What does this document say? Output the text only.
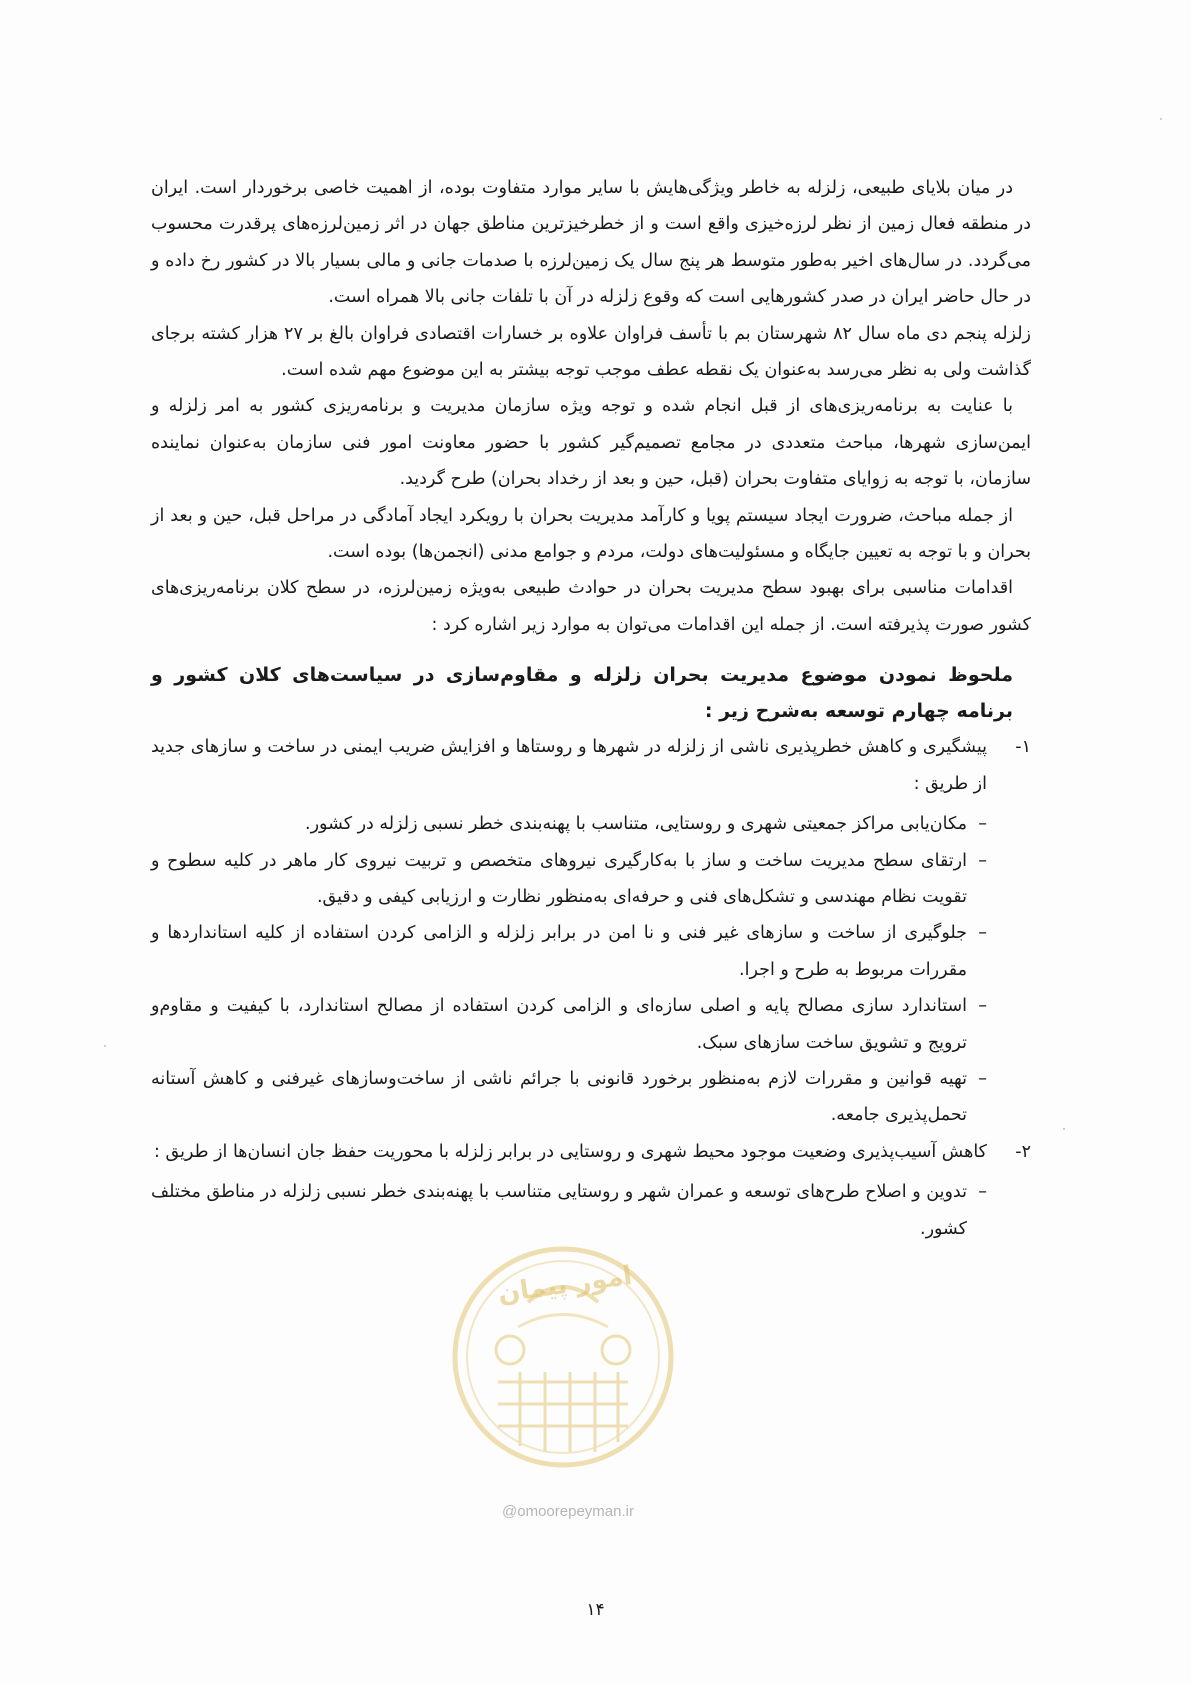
امور پیمان
@omoorepeyman.ir

در میان بلایای طبیعی، زلزله به خاطر ویژگی‌هایش با سایر موارد متفاوت بوده، از اهمیت خاصی برخوردار است. ایران در منطقه فعال زمین از نظر لرزه‌خیزی واقع است و از خطرخیزترین مناطق جهان در اثر زمین‌لرزه‌های پرقدرت محسوب می‌گردد. در سال‌های اخیر به‌طور متوسط هر پنج سال یک زمین‌لرزه با صدمات جانی و مالی بسیار بالا در کشور رخ داده و در حال حاضر ایران در صدر کشورهایی است که وقوع زلزله در آن با تلفات جانی بالا همراه است.

زلزله پنجم دی ماه سال ۸۲ شهرستان بم با تأسف فراوان علاوه بر خسارات اقتصادی فراوان بالغ بر ۲۷ هزار کشته برجای گذاشت ولی به نظر می‌رسد به‌عنوان یک نقطه عطف موجب توجه بیشتر به این موضوع مهم شده است.

با عنایت به برنامه‌ریزی‌های از قبل انجام شده و توجه ویژه سازمان مدیریت و برنامه‌ریزی کشور به امر زلزله و ایمن‌سازی شهرها، مباحث متعددی در مجامع تصمیم‌گیر کشور با حضور معاونت امور فنی سازمان به‌عنوان نماینده سازمان، با توجه به زوایای متفاوت بحران (قبل، حین و بعد از رخداد بحران) طرح گردید.

از جمله مباحث، ضرورت ایجاد سیستم پویا و کارآمد مدیریت بحران با رویکرد ایجاد آمادگی در مراحل قبل، حین و بعد از بحران و با توجه به تعیین جایگاه و مسئولیت‌های دولت، مردم و جوامع مدنی (انجمن‌ها) بوده است.

اقدامات مناسبی برای بهبود سطح مدیریت بحران در حوادث طبیعی به‌ویژه زمین‌لرزه، در سطح کلان برنامه‌ریزی‌های کشور صورت پذیرفته است. از جمله این اقدامات می‌توان به موارد زیر اشاره کرد :

ملحوظ نمودن موضوع مدیریت بحران زلزله و مقاوم‌سازی در سیاست‌های کلان کشور و برنامه چهارم توسعه به‌شرح زیر :

۱-
پیشگیری و کاهش خطرپذیری ناشی از زلزله در شهرها و روستاها و افزایش ضریب ایمنی در ساخت و سازهای جدید از طریق :
–
مکان‌یابی مراکز جمعیتی شهری و روستایی، متناسب با پهنه‌بندی خطر نسبی زلزله در کشور.
–
ارتقای سطح مدیریت ساخت و ساز با به‌کارگیری نیروهای متخصص و تربیت نیروی کار ماهر در کلیه سطوح و تقویت نظام مهندسی و تشکل‌های فنی و حرفه‌ای به‌منظور نظارت و ارزیابی کیفی و دقیق.
–
جلوگیری از ساخت و سازهای غیر فنی و نا امن در برابر زلزله و الزامی کردن استفاده از کلیه استانداردها و مقررات مربوط به طرح و اجرا.
–
استاندارد سازی مصالح پایه و اصلی سازه‌ای و الزامی کردن استفاده از مصالح استاندارد، با کیفیت و مقاوم‌و ترویج و تشویق ساخت سازهای سبک.
–
تهیه قوانین و مقررات لازم به‌منظور برخورد قانونی با جرائم ناشی از ساخت‌وسازهای غیرفنی و کاهش آستانه تحمل‌پذیری جامعه.
۲-
کاهش آسیب‌پذیری وضعیت موجود محیط شهری و روستایی در برابر زلزله با محوریت حفظ جان انسان‌ها از طریق :
–
تدوین و اصلاح طرح‌های توسعه و عمران شهر و روستایی متناسب با پهنه‌بندی خطر نسبی زلزله در مناطق مختلف کشور.
۱۴
